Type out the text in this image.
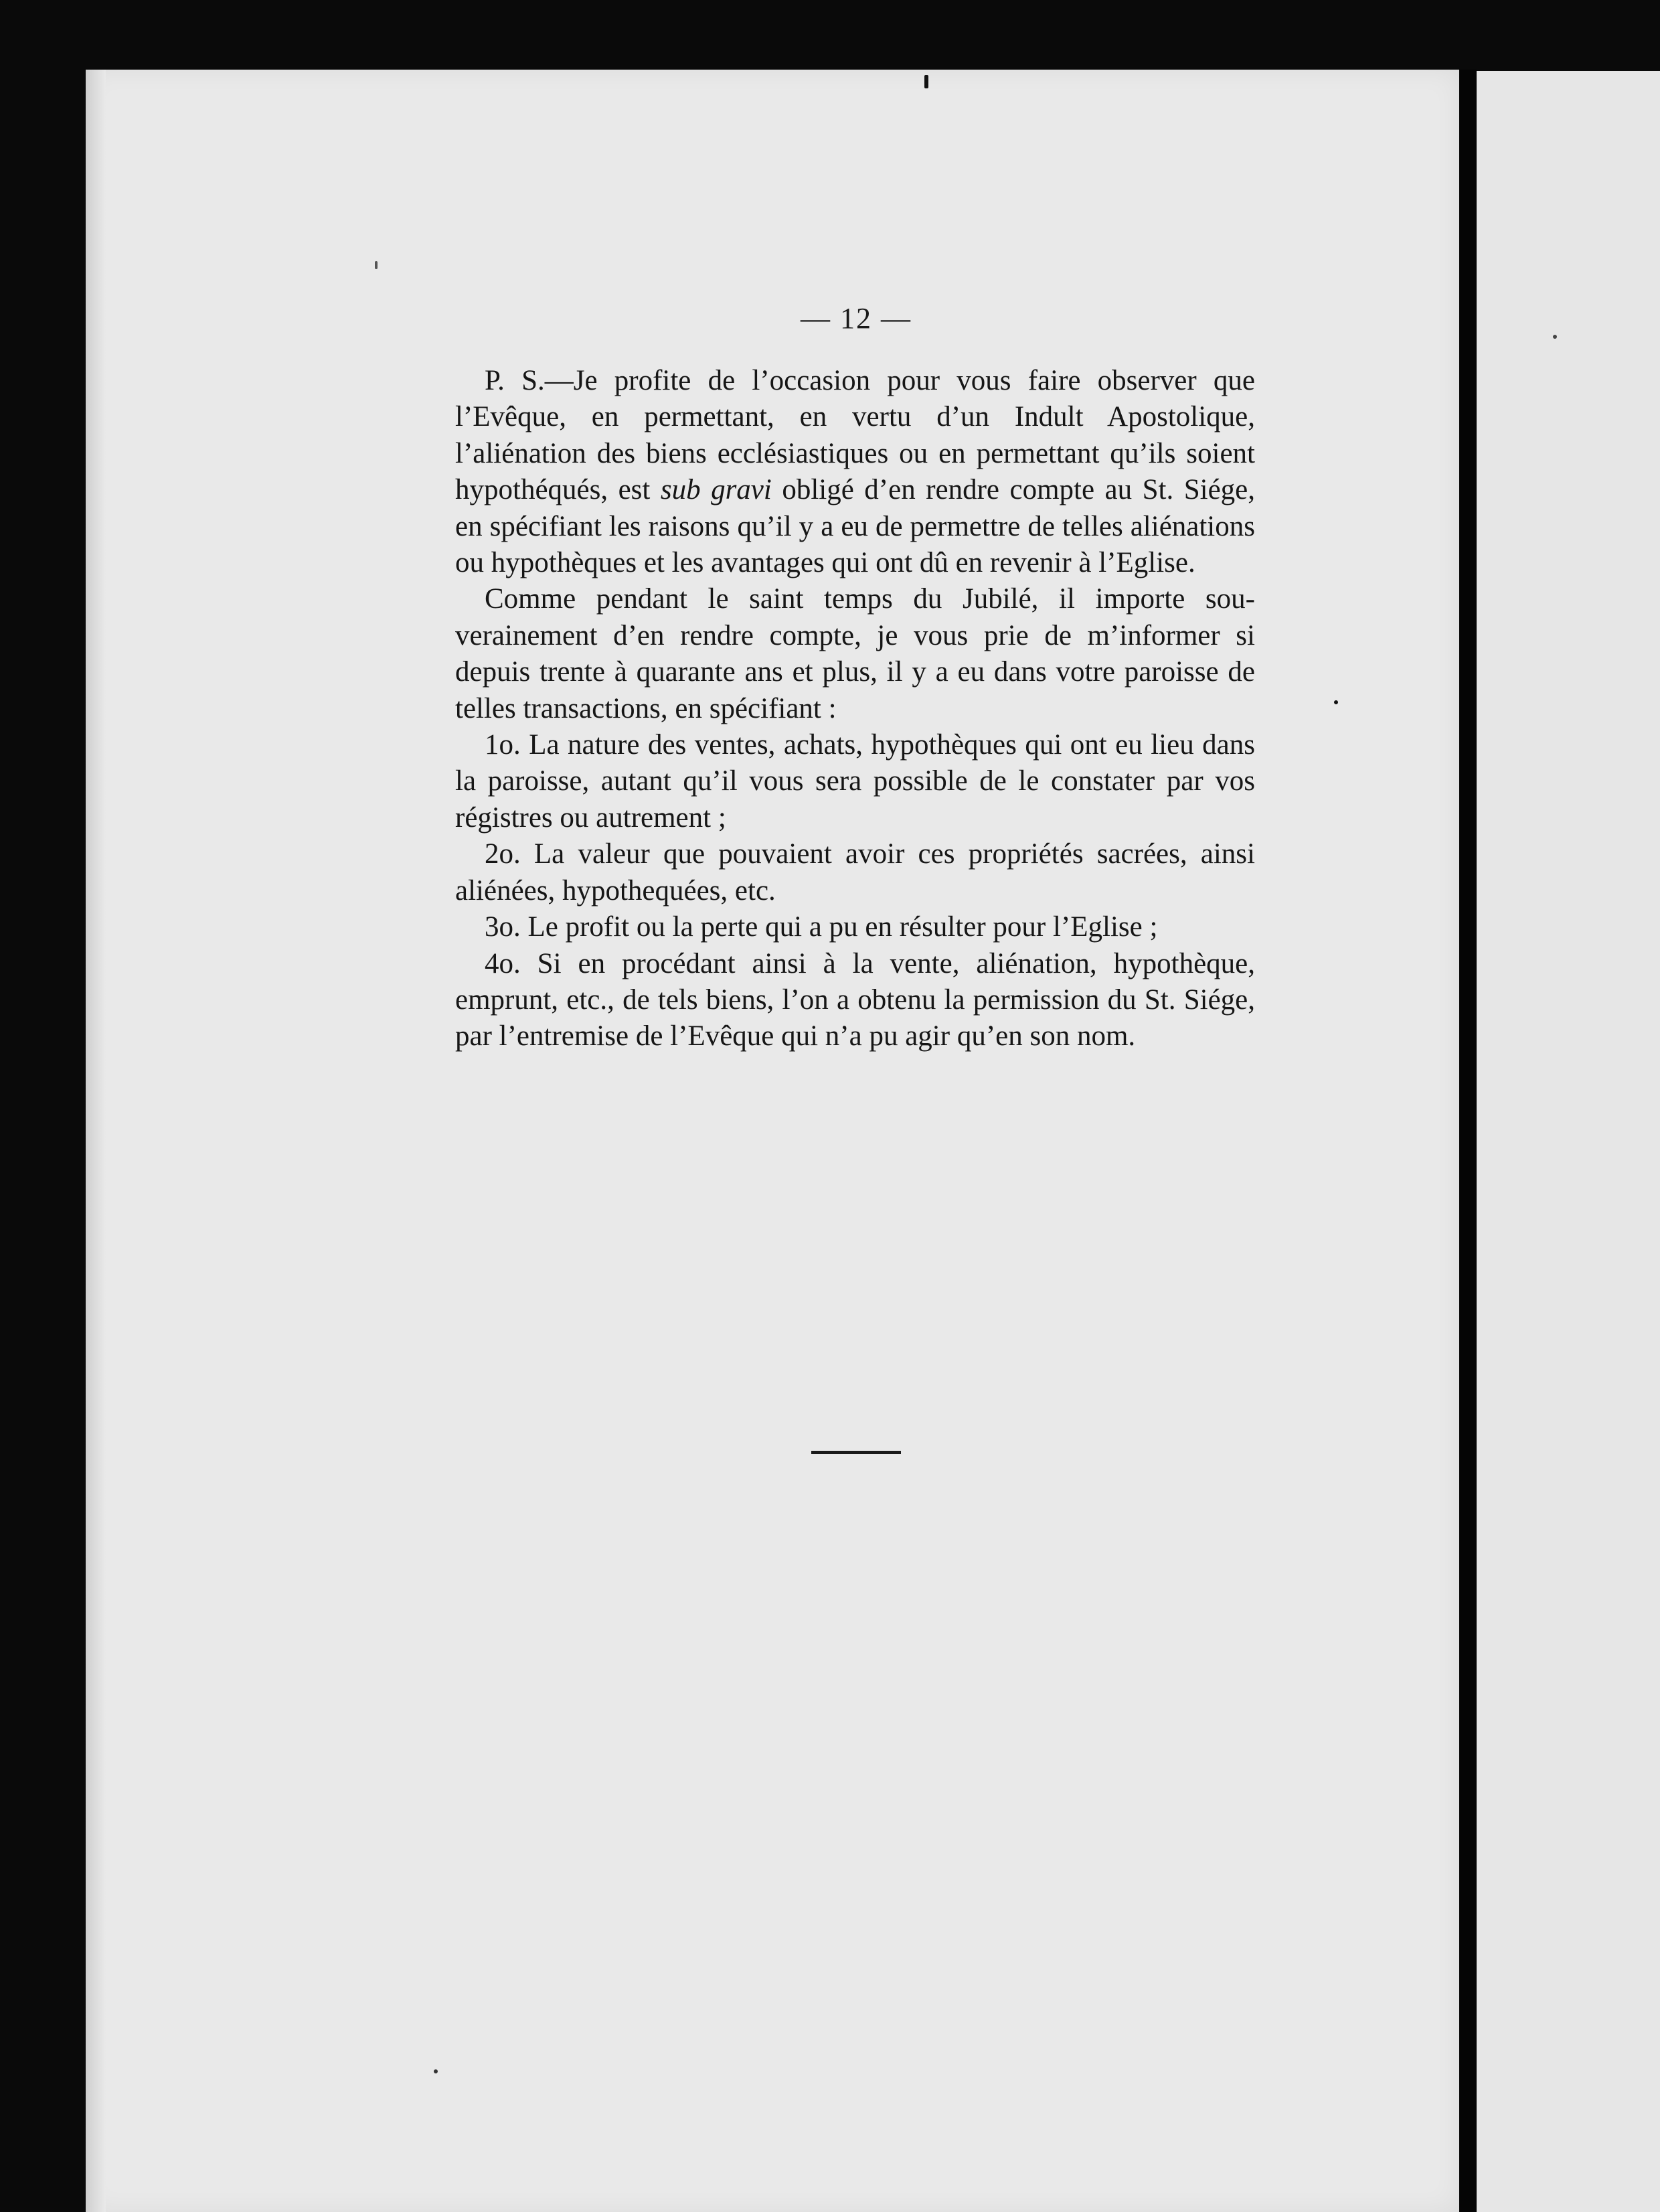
— 12 —

P. S.—Je profite de l’occasion pour vous faire observer que l’Evêque, en permettant, en vertu d’un Indult Apostolique, l’aliénation des biens ecclésiastiques ou en permettant qu’ils soient hypothéqués, est sub gravi obligé d’en rendre compte au St. Siége, en spécifiant les raisons qu’il y a eu de permettre de telles aliénations ou hypothèques et les avantages qui ont dû en revenir à l’Eglise.

Comme pendant le saint temps du Jubilé, il importe souverainement d’en rendre compte, je vous prie de m’informer si depuis trente à quarante ans et plus, il y a eu dans votre paroisse de telles transactions, en spécifiant :

1o. La nature des ventes, achats, hypothèques qui ont eu lieu dans la paroisse, autant qu’il vous sera possible de le constater par vos régistres ou autrement ;

2o. La valeur que pouvaient avoir ces propriétés sacrées, ainsi aliénées, hypothequées, etc.

3o. Le profit ou la perte qui a pu en résulter pour l’Eglise ;

4o. Si en procédant ainsi à la vente, aliénation, hypothèque, emprunt, etc., de tels biens, l’on a obtenu la permission du St. Siége, par l’entremise de l’Evêque qui n’a pu agir qu’en son nom.
